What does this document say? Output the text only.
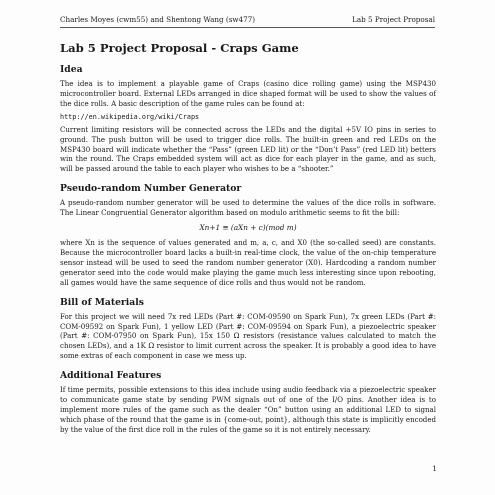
Charles Moyes (cwm55) and Shentong Wang (sw477)	Lab 5 Project Proposal
Lab 5 Project Proposal - Craps Game
Idea

The idea is to implement a playable game of Craps (casino dice rolling game) using the MSP430 microcontroller board. External LEDs arranged in dice shaped format will be used to show the values of the dice rolls. A basic description of the game rules can be found at:

http://en.wikipedia.org/wiki/Craps

Current limiting resistors will be connected across the LEDs and the digital +5V IO pins in series to ground. The push button will be used to trigger dice rolls. The built-in green and red LEDs on the MSP430 board will indicate whether the “Pass” (green LED lit) or the “Don’t Pass” (red LED lit) betters win the round. The Craps embedded system will act as dice for each player in the game, and as such, will be passed around the table to each player who wishes to be a “shooter.”

Pseudo-random Number Generator

A pseudo-random number generator will be used to determine the values of the dice rolls in software. The Linear Congruential Generator algorithm based on modulo arithmetic seems to fit the bill:

Xn+1 ≡ (aXn + c)(mod m)

where Xn is the sequence of values generated and m, a, c, and X0 (the so-called seed) are constants. Because the microcontroller board lacks a built-in real-time clock, the value of the on-chip temperature sensor instead will be used to seed the random number generator (X0). Hardcoding a random number generator seed into the code would make playing the game much less interesting since upon rebooting, all games would have the same sequence of dice rolls and thus would not be random.

Bill of Materials

For this project we will need 7x red LEDs (Part #: COM-09590 on Spark Fun), 7x green LEDs (Part #: COM-09592 on Spark Fun), 1 yellow LED (Part #: COM-09594 on Spark Fun), a piezoelectric speaker (Part #: COM-07950 on Spark Fun), 15x 150 Ω resistors (resistance values calculated to match the chosen LEDs), and a 1K Ω resistor to limit current across the speaker. It is probably a good idea to have some extras of each component in case we mess up.

Additional Features

If time permits, possible extensions to this idea include using audio feedback via a piezoelectric speaker to communicate game state by sending PWM signals out of one of the I/O pins. Another idea is to implement more rules of the game such as the dealer “On” button using an additional LED to signal which phase of the round that the game is in {come-out, point}, although this state is implicitly encoded by the value of the first dice roll in the rules of the game so it is not entirely necessary.

1
